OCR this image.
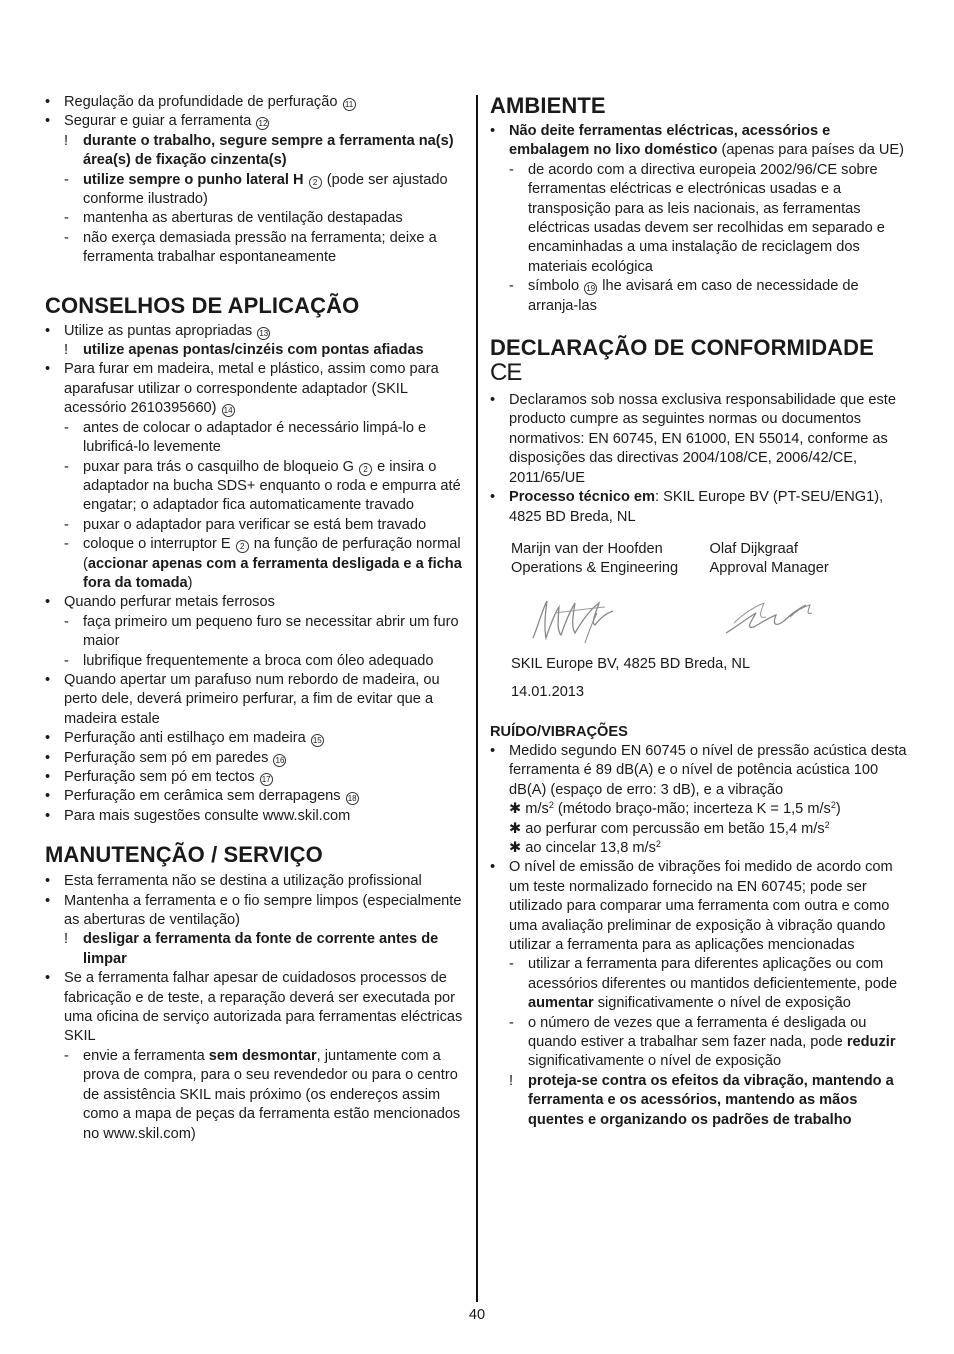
• Regulação da profundidade de perfuração 11
• Segurar e guiar a ferramenta 12
! durante o trabalho, segure sempre a ferramenta na(s) área(s) de fixação cinzenta(s)
- utilize sempre o punho lateral H 2 (pode ser ajustado conforme ilustrado)
- mantenha as aberturas de ventilação destapadas
- não exerça demasiada pressão na ferramenta; deixe a ferramenta trabalhar espontaneamente
CONSELHOS DE APLICAÇÃO
• Utilize as puntas apropriadas 13
! utilize apenas pontas/cinzéis com pontas afiadas
• Para furar em madeira, metal e plástico, assim como para aparafusar utilizar o correspondente adaptador (SKIL acessório 2610395660) 14
- antes de colocar o adaptador é necessário limpá-lo e lubrificá-lo levemente
- puxar para trás o casquilho de bloqueio G 2 e insira o adaptador na bucha SDS+ enquanto o roda e empurra até engatar; o adaptador fica automaticamente travado
- puxar o adaptador para verificar se está bem travado
- coloque o interruptor E 2 na função de perfuração normal (accionar apenas com a ferramenta desligada e a ficha fora da tomada)
• Quando perfurar metais ferrosos
- faça primeiro um pequeno furo se necessitar abrir um furo maior
- lubrifique frequentemente a broca com óleo adequado
• Quando apertar um parafuso num rebordo de madeira, ou perto dele, deverá primeiro perfurar, a fim de evitar que a madeira estale
• Perfuração anti estilhaço em madeira 15
• Perfuração sem pó em paredes 16
• Perfuração sem pó em tectos 17
• Perfuração em cerâmica sem derrapagens 18
• Para mais sugestões consulte www.skil.com
MANUTENÇÃO / SERVIÇO
• Esta ferramenta não se destina a utilização profissional
• Mantenha a ferramenta e o fio sempre limpos (especialmente as aberturas de ventilação)
! desligar a ferramenta da fonte de corrente antes de limpar
• Se a ferramenta falhar apesar de cuidadosos processos de fabricação e de teste, a reparação deverá ser executada por uma oficina de serviço autorizada para ferramentas eléctricas SKIL
- envie a ferramenta sem desmontar, juntamente com a prova de compra, para o seu revendedor ou para o centro de assistência SKIL mais próximo (os endereços assim como a mapa de peças da ferramenta estão mencionados no www.skil.com)
AMBIENTE
• Não deite ferramentas eléctricas, acessórios e embalagem no lixo doméstico (apenas para países da UE)
- de acordo com a directiva europeia 2002/96/CE sobre ferramentas eléctricas e electrónicas usadas e a transposição para as leis nacionais, as ferramentas eléctricas usadas devem ser recolhidas em separado e encaminhadas a uma instalação de reciclagem dos materiais ecológica
- símbolo 19 lhe avisará em caso de necessidade de arranja-las
DECLARAÇÃO DE CONFORMIDADE
CE
• Declaramos sob nossa exclusiva responsabilidade que este producto cumpre as seguintes normas ou documentos normativos: EN 60745, EN 61000, EN 55014, conforme as disposições das directivas 2004/108/CE, 2006/42/CE, 2011/65/UE
• Processo técnico em: SKIL Europe BV (PT-SEU/ENG1), 4825 BD Breda, NL
Marijn van der Hoofden
Operations & Engineering
Olaf Dijkgraaf
Approval Manager
SKIL Europe BV, 4825 BD Breda, NL
14.01.2013
RUÍDO/VIBRAÇÕES
• Medido segundo EN 60745 o nível de pressão acústica desta ferramenta é 89 dB(A) e o nível de potência acústica 100 dB(A) (espaço de erro: 3 dB), e a vibração
✱ $m/s^2$ (método braço-mão; incerteza K = 1,5 $m/s^2$)
✱ ao perfurar com percussão em betão 15,4 $m/s^2$
✱ ao cincelar 13,8 $m/s^2$
• O nível de emissão de vibrações foi medido de acordo com um teste normalizado fornecido na EN 60745; pode ser utilizado para comparar uma ferramenta com outra e como uma avaliação preliminar de exposição à vibração quando utilizar a ferramenta para as aplicações mencionadas
- utilizar a ferramenta para diferentes aplicações ou com acessórios diferentes ou mantidos deficientemente, pode aumentar significativamente o nível de exposição
- o número de vezes que a ferramenta é desligada ou quando estiver a trabalhar sem fazer nada, pode reduzir significativamente o nível de exposição
! proteja-se contra os efeitos da vibração, mantendo a ferramenta e os acessórios, mantendo as mãos quentes e organizando os padrões de trabalho
40
